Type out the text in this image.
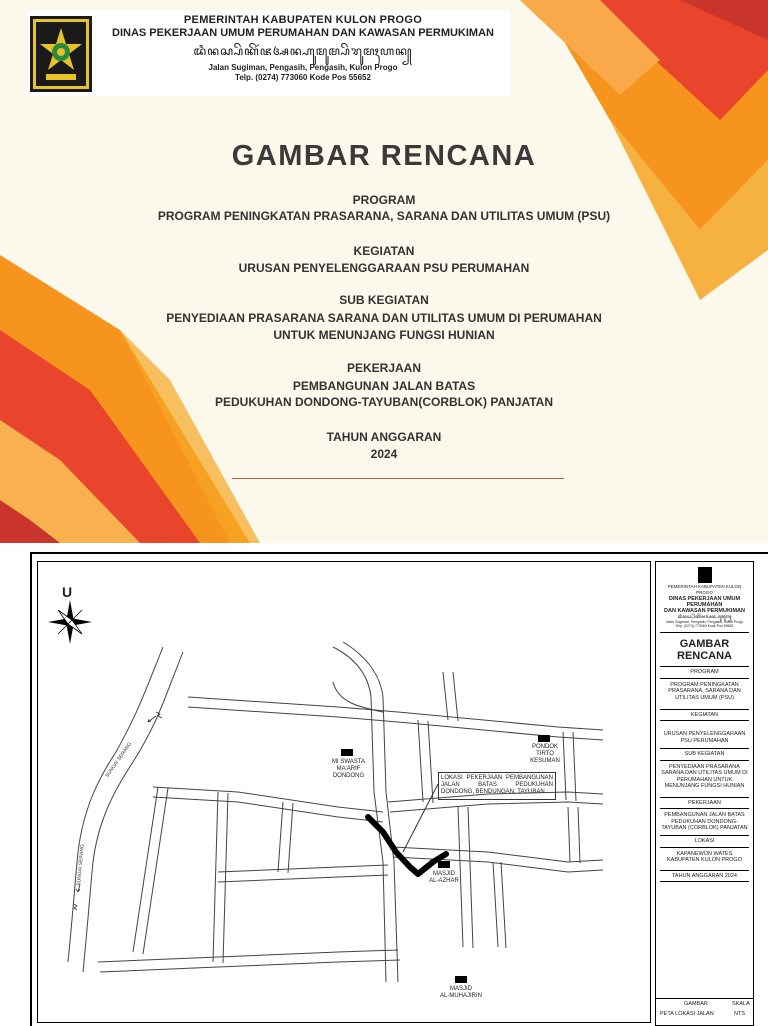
PEMERINTAH KABUPATEN KULON PROGO
DINAS PEKERJAAN UMUM PERUMAHAN DAN KAWASAN PERMUKIMAN
ꦢꦶꦤꦱ꧀ꦥꦼꦏꦼꦂꦗꦄꦤ꧀ꦲꦸꦩꦸꦩ꧀ꦥꦼꦫꦸꦩꦃꦲꦤ꧀
Jalan Sugiman, Pengasih, Pengasih, Kulon Progo
Telp. (0274) 773060 Kode Pos 55652
GAMBAR RENCANA
PROGRAM
PROGRAM PENINGKATAN PRASARANA, SARANA DAN UTILITAS UMUM (PSU)
KEGIATAN
URUSAN PENYELENGGARAAN PSU PERUMAHAN
SUB KEGIATAN
PENYEDIAAN PRASARANA SARANA DAN UTILITAS UMUM DI PERUMAHAN
UNTUK MENUNJANG FUNGSI HUNIAN
PEKERJAAN
PEMBANGUNAN JALAN BATAS
PEDUKUHAN DONDONG-TAYUBAN(CORBLOK) PANJATAN
TAHUN ANGGARAN
2024
U
SUNGAI SERANG
SUNGAI SERANG
MI SWASTA
MA'ARIF
DONDONG
PONDOK
TIRTO
KESUMAN
MASJID
AL-AZHAR
MASJID
AL-MUHAJIRIN
LOKASI PEKERJAAN PEMBANGUNAN JALAN BATAS PEDUKUHAN DONDONG, BENDUNGAN, TAYUBAN
PEMERINTAH KABUPATEN KULON PROGO
DINAS PEKERJAAN UMUM PERUMAHAN
DAN KAWASAN PERMUKIMAN
ꦢꦶꦤꦱ꧀ꦥꦼꦏꦼꦂꦗꦄꦤ꧀ꦲꦸꦩꦸꦩ꧀
Jalan Sugiman, Pengasih, Pengasih, Kulon Progo
Telp. (0274) 773060 Kode Pos 55652
GAMBAR RENCANA
PROGRAM
PROGRAM PENINGKATAN PRASARANA, SARANA DAN UTILITAS UMUM (PSU)
KEGIATAN
URUSAN PENYELENGGARAAN PSU PERUMAHAN
SUB KEGIATAN
PENYEDIAAN PRASARANA SARANA DAN UTILITAS UMUM DI PERUMAHAN UNTUK MENUNJANG FUNGSI HUNIAN
PEKERJAAN
PEMBANGUNAN JALAN BATAS PEDUKUHAN DONDONG-TAYUBAN (CORBLOK) PANJATAN
LOKASI
KAPANEWON WATES KABUPATEN KULON PROGO
TAHUN ANGGARAN 2024
GAMBAR	SKALA
PETA LOKASI JALAN	NTS
